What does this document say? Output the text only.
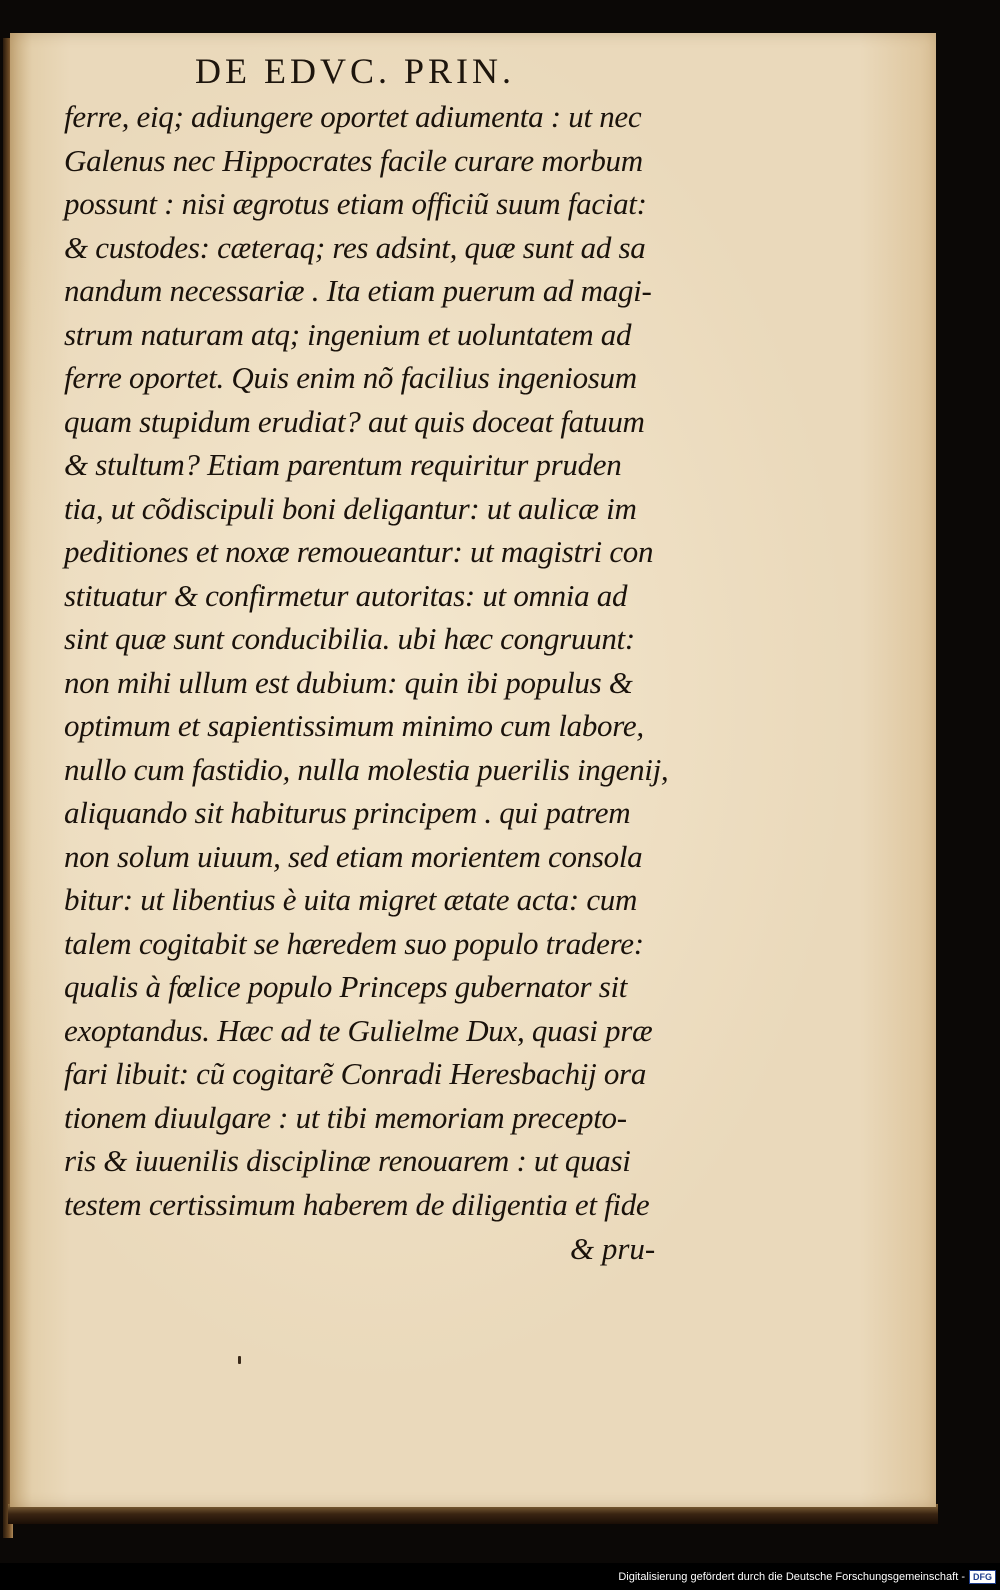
DE EDVC. PRIN.
ferre, eiq; adiungere oportet adiumenta : ut nec
Galenus nec Hippocrates facile curare morbum
possunt : nisi ægrotus etiam officiũ suum faciat:
& custodes: cæteraq; res adsint, quæ sunt ad sa
nandum necessariæ . Ita etiam puerum ad magi-
strum naturam atq; ingenium et uoluntatem ad
ferre oportet. Quis enim nõ facilius ingeniosum
quam stupidum erudiat? aut quis doceat fatuum
& stultum? Etiam parentum requiritur pruden
tia, ut cõdiscipuli boni deligantur: ut aulicæ im
peditiones et noxæ remoueantur: ut magistri con
stituatur & confirmetur autoritas: ut omnia ad
sint quæ sunt conducibilia. ubi hæc congruunt:
non mihi ullum est dubium: quin ibi populus &
optimum et sapientissimum minimo cum labore,
nullo cum fastidio, nulla molestia puerilis ingenij,
aliquando sit habiturus principem . qui patrem
non solum uiuum, sed etiam morientem consola
bitur: ut libentius è uita migret ætate acta: cum
talem cogitabit se hæredem suo populo tradere:
qualis à fœlice populo Princeps gubernator sit
exoptandus. Hæc ad te Gulielme Dux, quasi præ
fari libuit: cũ cogitarẽ Conradi Heresbachij ora
tionem diuulgare : ut tibi memoriam precepto-
ris & iuuenilis disciplinæ renouarem : ut quasi
testem certissimum haberem de diligentia et fide
& pru-
Digitalisierung gefördert durch die Deutsche Forschungsgemeinschaft - DFG
